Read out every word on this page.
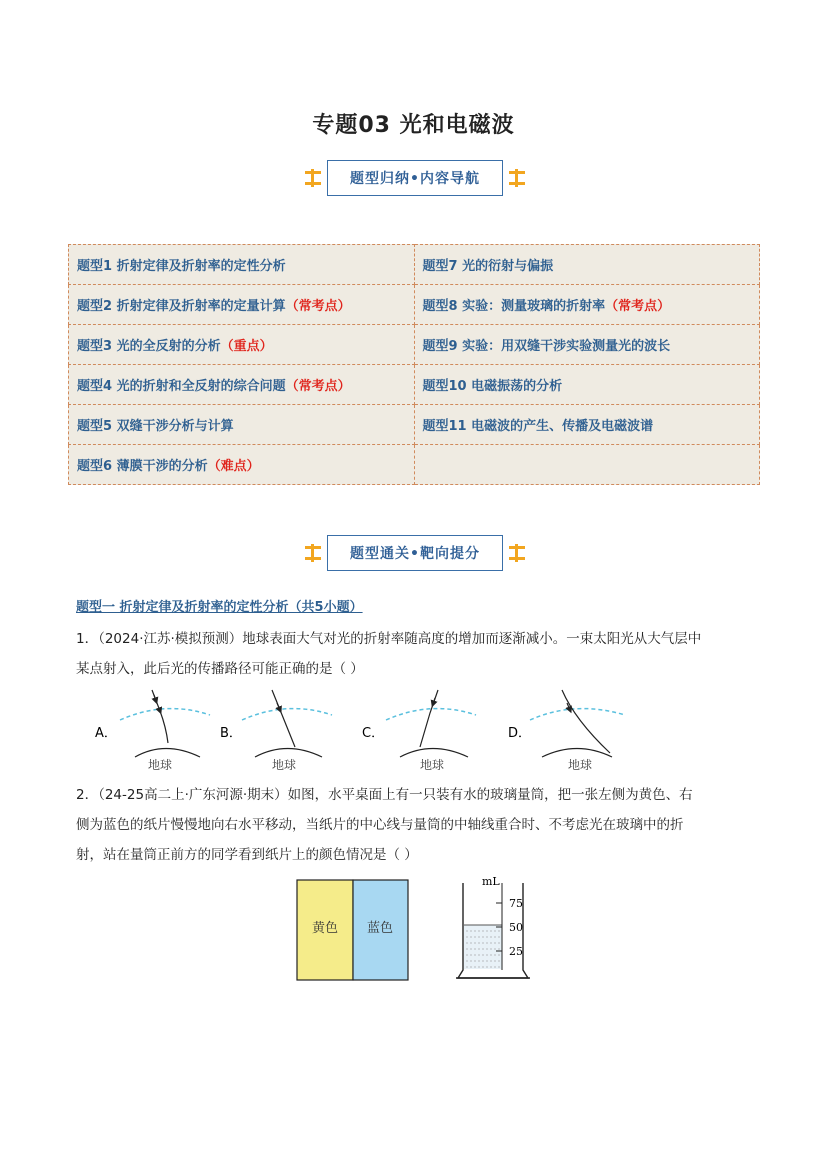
专题03 光和电磁波
题型归纳•内容导航
题型1 折射定律及折射率的定性分析	题型7 光的衍射与偏振
题型2 折射定律及折射率的定量计算（常考点）	题型8 实验：测量玻璃的折射率（常考点）
题型3 光的全反射的分析（重点）	题型9 实验：用双缝干涉实验测量光的波长
题型4 光的折射和全反射的综合问题（常考点）	题型10 电磁振荡的分析
题型5 双缝干涉分析与计算	题型11 电磁波的产生、传播及电磁波谱
题型6 薄膜干涉的分析（难点）	
题型通关•靶向提分
题型一 折射定律及折射率的定性分析（共5小题）
1．（2024·江苏·模拟预测）地球表面大气对光的折射率随高度的增加而逐渐减小。一束太阳光从大气层中
某点射入，此后光的传播路径可能正确的是（ ）
A．
地球
B．
地球
C．
地球
D．
地球
2．（24-25高二上·广东河源·期末）如图，水平桌面上有一只装有水的玻璃量筒，把一张左侧为黄色、右
侧为蓝色的纸片慢慢地向右水平移动，当纸片的中心线与量筒的中轴线重合时、不考虑光在玻璃中的折
射，站在量筒正前方的同学看到纸片上的颜色情况是（ ）
黄色 蓝色
mL
75
50
25
